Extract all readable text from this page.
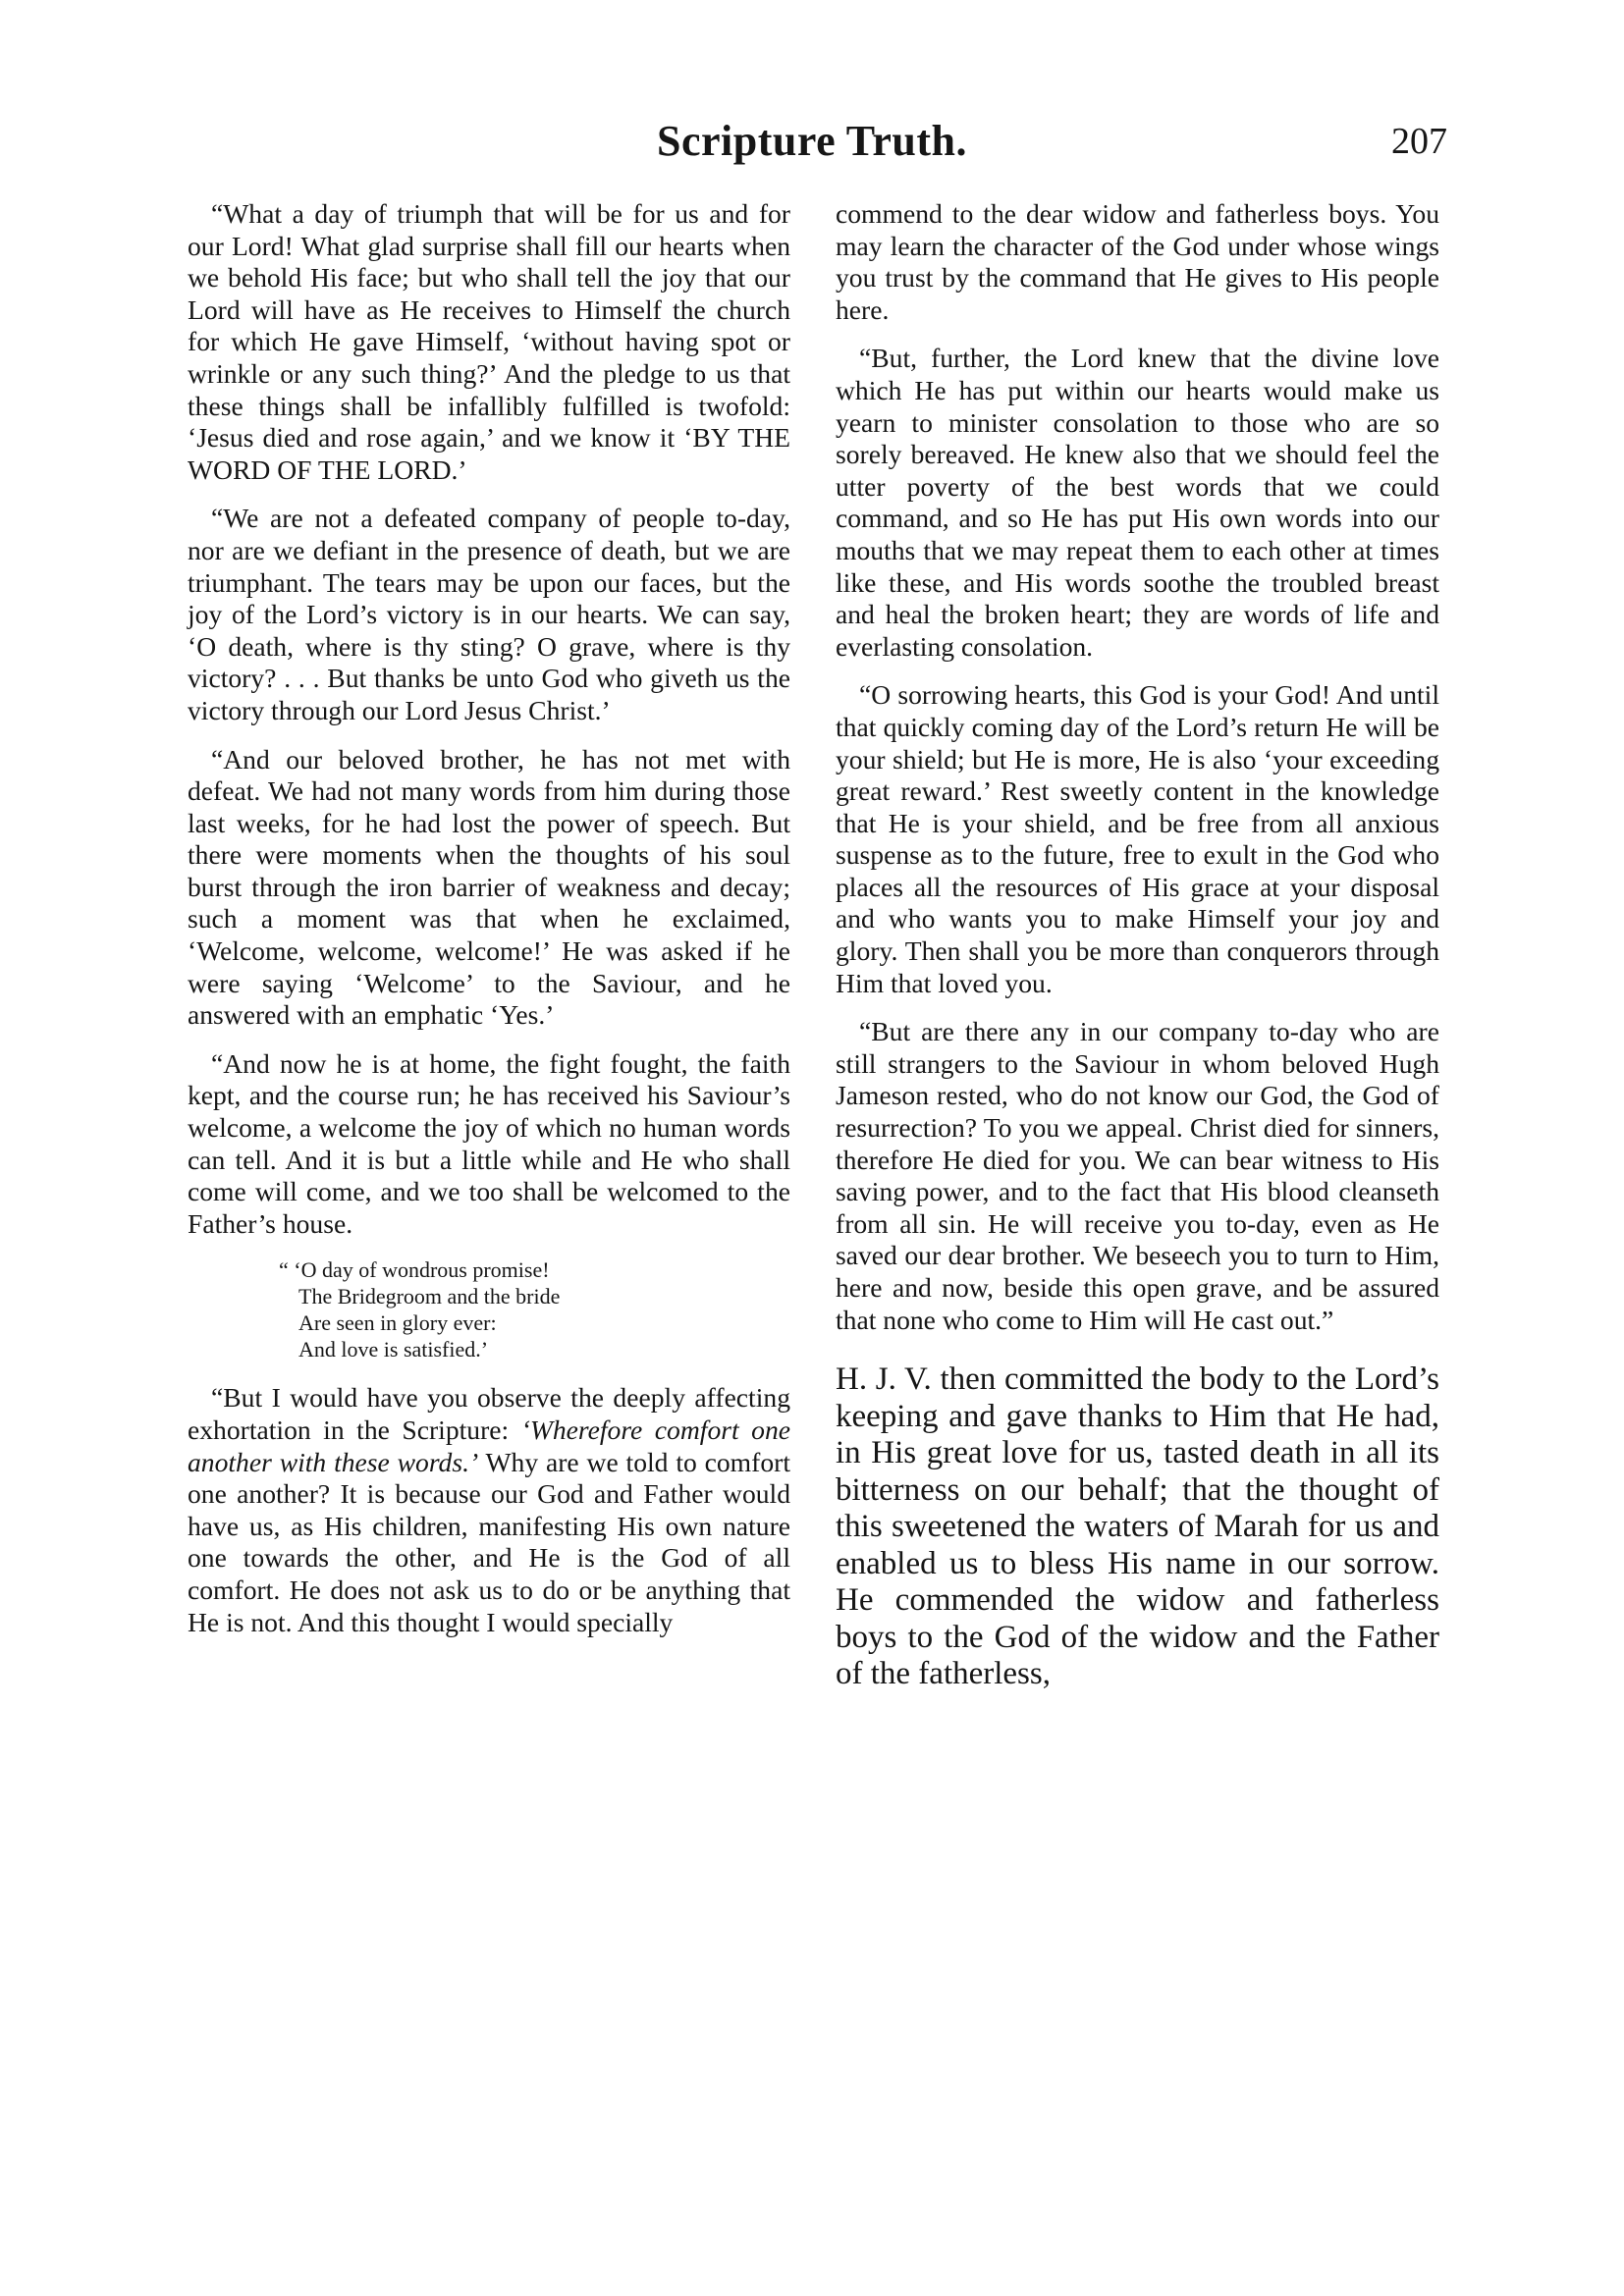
Scripture Truth.	207

“What a day of triumph that will be for us and for our Lord! What glad surprise shall fill our hearts when we behold His face; but who shall tell the joy that our Lord will have as He receives to Himself the church for which He gave Himself, ‘without having spot or wrinkle or any such thing?’ And the pledge to us that these things shall be infallibly fulfilled is twofold: ‘Jesus died and rose again,’ and we know it ‘BY THE WORD OF THE LORD.’

“We are not a defeated company of people to-day, nor are we defiant in the presence of death, but we are triumphant. The tears may be upon our faces, but the joy of the Lord’s victory is in our hearts. We can say, ‘O death, where is thy sting? O grave, where is thy victory? . . . But thanks be unto God who giveth us the victory through our Lord Jesus Christ.’

“And our beloved brother, he has not met with defeat. We had not many words from him during those last weeks, for he had lost the power of speech. But there were moments when the thoughts of his soul burst through the iron barrier of weakness and decay; such a moment was that when he exclaimed, ‘Welcome, welcome, welcome!’ He was asked if he were saying ‘Welcome’ to the Saviour, and he answered with an emphatic ‘Yes.’

“And now he is at home, the fight fought, the faith kept, and the course run; he has received his Saviour’s welcome, a welcome the joy of which no human words can tell. And it is but a little while and He who shall come will come, and we too shall be welcomed to the Father’s house.

“ ‘O day of wondrous promise!
The Bridegroom and the bride
Are seen in glory ever:
And love is satisfied.’

“But I would have you observe the deeply affecting exhortation in the Scripture: ‘Wherefore comfort one another with these words.’ Why are we told to comfort one another? It is because our God and Father would have us, as His children, manifesting His own nature one towards the other, and He is the God of all comfort. He does not ask us to do or be anything that He is not. And this thought I would specially

commend to the dear widow and fatherless boys. You may learn the character of the God under whose wings you trust by the command that He gives to His people here.

“But, further, the Lord knew that the divine love which He has put within our hearts would make us yearn to minister consolation to those who are so sorely bereaved. He knew also that we should feel the utter poverty of the best words that we could command, and so He has put His own words into our mouths that we may repeat them to each other at times like these, and His words soothe the troubled breast and heal the broken heart; they are words of life and everlasting consolation.

“O sorrowing hearts, this God is your God! And until that quickly coming day of the Lord’s return He will be your shield; but He is more, He is also ‘your exceeding great reward.’ Rest sweetly content in the knowledge that He is your shield, and be free from all anxious suspense as to the future, free to exult in the God who places all the resources of His grace at your disposal and who wants you to make Himself your joy and glory. Then shall you be more than conquerors through Him that loved you.

“But are there any in our company to-day who are still strangers to the Saviour in whom beloved Hugh Jameson rested, who do not know our God, the God of resurrection? To you we appeal. Christ died for sinners, therefore He died for you. We can bear witness to His saving power, and to the fact that His blood cleanseth from all sin. He will receive you to-day, even as He saved our dear brother. We beseech you to turn to Him, here and now, beside this open grave, and be assured that none who come to Him will He cast out.”

H. J. V. then committed the body to the Lord’s keeping and gave thanks to Him that He had, in His great love for us, tasted death in all its bitterness on our behalf; that the thought of this sweetened the waters of Marah for us and enabled us to bless His name in our sorrow. He commended the widow and fatherless boys to the God of the widow and the Father of the fatherless,
